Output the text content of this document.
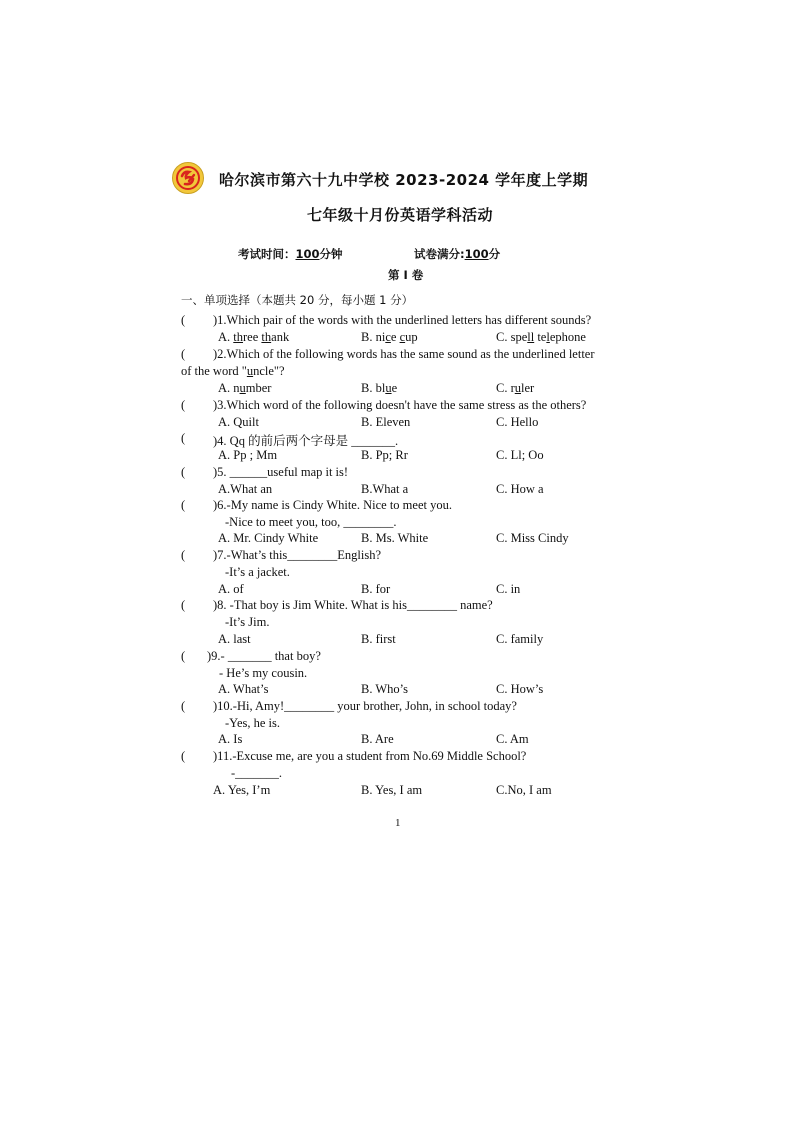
哈尔滨市第六十九中学校 2023-2024 学年度上学期
七年级十月份英语学科活动
考试时间：100分钟	试卷满分:100分
第 I 卷
一、单项选择（本题共 20 分，每小题 1 分）
( )1.Which pair of the words with the underlined letters has different sounds?
A. three thank	B. nice cup	C. spell telephone
( )2.Which of the following words has the same sound as the underlined letter
of the word "uncle"?
A. number	B. blue	C. ruler
( )3.Which word of the following doesn't have the same stress as the others?
A. Quilt	B. Eleven	C. Hello
( )4. Qq 的前后两个字母是 _______.
A. Pp ; Mm	B. Pp; Rr	C. Ll; Oo
( )5. ______useful map it is!
A.What an	B.What a	C. How a
( )6.-My name is Cindy White. Nice to meet you.
-Nice to meet you, too, ________.
A. Mr. Cindy White	B. Ms. White	C. Miss Cindy
( )7.-What’s this________English?
-It’s a jacket.
A. of	B. for	C. in
( )8. -That boy is Jim White. What is his________ name?
-It’s Jim.
A. last	B. first	C. family
( )9.- _______ that boy?
- He’s my cousin.
A. What’s	B. Who’s	C. How’s
( )10.-Hi, Amy!________ your brother, John, in school today?
-Yes, he is.
A. Is	B. Are	C. Am
( )11.-Excuse me, are you a student from No.69 Middle School?
-_______.
A. Yes, I’m	B. Yes, I am	C.No, I am
1
